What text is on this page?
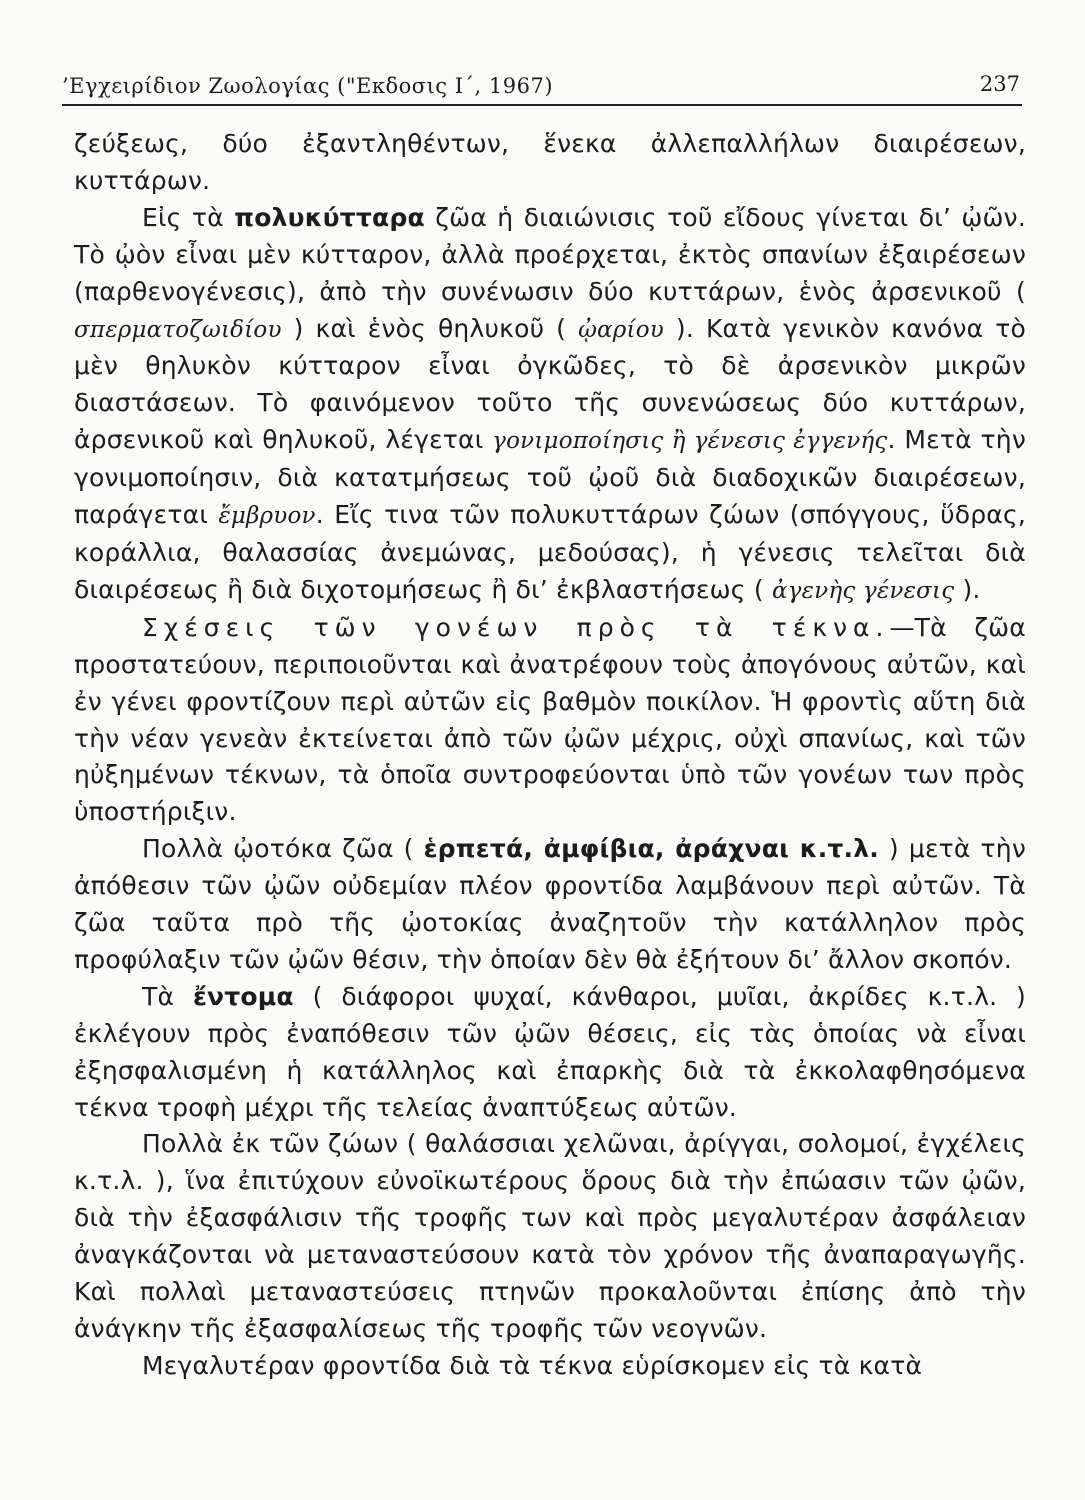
’Εγχειρίδιον Ζωολογίας ("Εκδοσις Ι΄, 1967)	237

ζεύξεως, δύο ἐξαντληθέντων, ἕνεκα ἀλλεπαλλήλων διαιρέσεων, κυττάρων.

Εἰς τὰ πολυκύτταρα ζῶα ἡ διαιώνισις τοῦ εἴδους γίνεται δι’ ᾠῶν. Τὸ ᾠὸν εἶναι μὲν κύτταρον, ἀλλὰ προέρχεται, ἐκτὸς σπανίων ἐξαιρέσεων (παρθενογένεσις), ἀπὸ τὴν συνένωσιν δύο κυττάρων, ἑνὸς ἀρσενικοῦ ( σπερματοζωιδίου ) καὶ ἑνὸς θηλυκοῦ ( ᾠαρίου ). Κατὰ γενικὸν κανόνα τὸ μὲν θηλυκὸν κύτταρον εἶναι ὀγκῶδες, τὸ δὲ ἀρσενικὸν μικρῶν διαστάσεων. Τὸ φαινόμενον τοῦτο τῆς συνενώσεως δύο κυττάρων, ἀρσενικοῦ καὶ θηλυκοῦ, λέγεται γονιμοποίησις ἢ γένεσις ἐγγενής. Μετὰ τὴν γονιμοποίησιν, διὰ κατατμήσεως τοῦ ᾠοῦ διὰ διαδοχικῶν διαιρέσεων, παράγεται ἔμβρυον. Εἴς τινα τῶν πολυκυττάρων ζώων (σπόγγους, ὕδρας, κοράλλια, θαλασσίας ἀνεμώνας, μεδούσας), ἡ γένεσις τελεῖται διὰ διαιρέσεως ἢ διὰ διχοτομήσεως ἢ δι’ ἐκβλαστήσεως ( ἀγενὴς γένεσις ).

Σχέσεις τῶν γονέων πρὸς τὰ τέκνα.—Τὰ ζῶα προστατεύουν, περιποιοῦνται καὶ ἀνατρέφουν τοὺς ἀπογόνους αὐτῶν, καὶ ἐν γένει φροντίζουν περὶ αὐτῶν εἰς βαθμὸν ποικίλον. Ἡ φροντὶς αὕτη διὰ τὴν νέαν γενεὰν ἐκτείνεται ἀπὸ τῶν ᾠῶν μέχρις, οὐχὶ σπανίως, καὶ τῶν ηὐξημένων τέκνων, τὰ ὁποῖα συντροφεύονται ὑπὸ τῶν γονέων των πρὸς ὑποστήριξιν.

Πολλὰ ᾠοτόκα ζῶα ( ἑρπετά, ἀμφίβια, ἀράχναι κ.τ.λ. ) μετὰ τὴν ἀπόθεσιν τῶν ᾠῶν οὐδεμίαν πλέον φροντίδα λαμβάνουν περὶ αὐτῶν. Τὰ ζῶα ταῦτα πρὸ τῆς ᾠοτοκίας ἀναζητοῦν τὴν κατάλληλον πρὸς προφύλαξιν τῶν ᾠῶν θέσιν, τὴν ὁποίαν δὲν θὰ ἐξήτουν δι’ ἄλλον σκοπόν.

Τὰ ἔντομα ( διάφοροι ψυχαί, κάνθαροι, μυῖαι, ἀκρίδες κ.τ.λ. ) ἐκλέγουν πρὸς ἐναπόθεσιν τῶν ᾠῶν θέσεις, εἰς τὰς ὁποίας νὰ εἶναι ἐξησφαλισμένη ἡ κατάλληλος καὶ ἐπαρκὴς διὰ τὰ ἐκκολαφθησόμενα τέκνα τροφὴ μέχρι τῆς τελείας ἀναπτύξεως αὐτῶν.

Πολλὰ ἐκ τῶν ζώων ( θαλάσσιαι χελῶναι, ἀρίγγαι, σολομοί, ἐγχέλεις κ.τ.λ. ), ἵνα ἐπιτύχουν εὐνοϊκωτέρους ὅρους διὰ τὴν ἐπώασιν τῶν ᾠῶν, διὰ τὴν ἐξασφάλισιν τῆς τροφῆς των καὶ πρὸς μεγαλυτέραν ἀσφάλειαν ἀναγκάζονται νὰ μεταναστεύσουν κατὰ τὸν χρόνον τῆς ἀναπαραγωγῆς. Καὶ πολλαὶ μεταναστεύσεις πτηνῶν προκαλοῦνται ἐπίσης ἀπὸ τὴν ἀνάγκην τῆς ἐξασφαλίσεως τῆς τροφῆς τῶν νεογνῶν.

Μεγαλυτέραν φροντίδα διὰ τὰ τέκνα εὑρίσκομεν εἰς τὰ κατὰ
